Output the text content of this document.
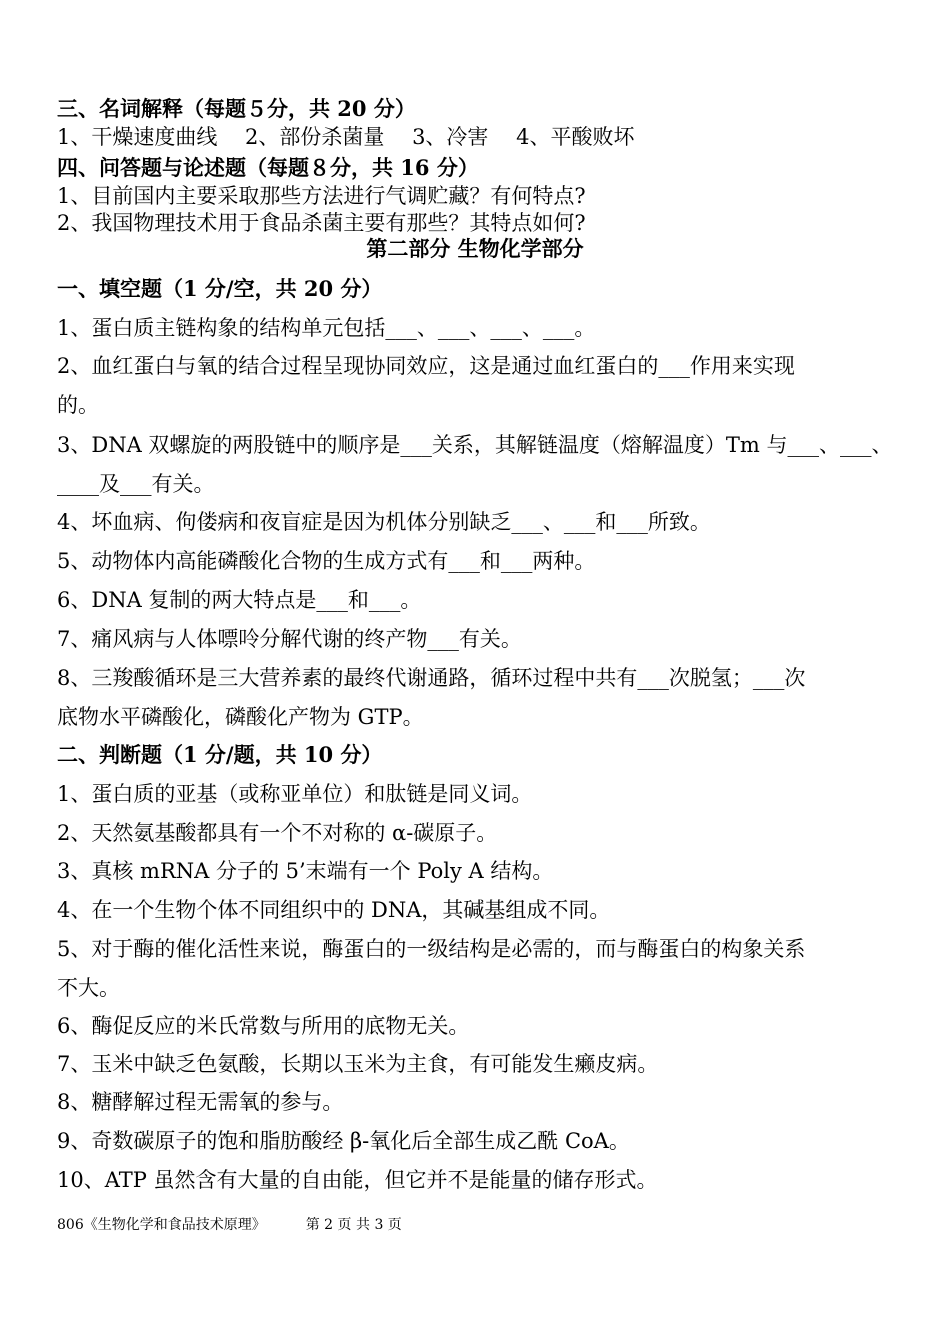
三、名词解释（每题５分，共 20 分）
1、干燥速度曲线　 2、部份杀菌量　 3、冷害　 4、平酸败坏
四、问答题与论述题（每题８分，共 16 分）
1、目前国内主要采取那些方法进行气调贮藏？有何特点?
2、我国物理技术用于食品杀菌主要有那些？其特点如何?
第二部分 生物化学部分
一、填空题（1 分/空，共 20 分）
1、蛋白质主链构象的结构单元包括___、___、___、___。
2、血红蛋白与氧的结合过程呈现协同效应，这是通过血红蛋白的___作用来实现
的。
3、DNA 双螺旋的两股链中的顺序是___关系，其解链温度（熔解温度）Tm 与___、___、
____及___有关。
4、坏血病、佝偻病和夜盲症是因为机体分别缺乏___、___和___所致。
5、动物体内高能磷酸化合物的生成方式有___和___两种。
6、DNA 复制的两大特点是___和___。
7、痛风病与人体嘌呤分解代谢的终产物___有关。
8、三羧酸循环是三大营养素的最终代谢通路，循环过程中共有___次脱氢；___次
底物水平磷酸化，磷酸化产物为 GTP。
二、判断题（1 分/题，共 10 分）
1、蛋白质的亚基（或称亚单位）和肽链是同义词。
2、天然氨基酸都具有一个不对称的 α-碳原子。
3、真核 mRNA 分子的 5’末端有一个 Poly A 结构。
4、在一个生物个体不同组织中的 DNA，其碱基组成不同。
5、对于酶的催化活性来说，酶蛋白的一级结构是必需的，而与酶蛋白的构象关系
不大。
6、酶促反应的米氏常数与所用的底物无关。
7、玉米中缺乏色氨酸，长期以玉米为主食，有可能发生癞皮病。
8、糖酵解过程无需氧的参与。
9、奇数碳原子的饱和脂肪酸经 β-氧化后全部生成乙酰 CoA。
10、ATP 虽然含有大量的自由能，但它并不是能量的储存形式。
806《生物化学和食品技术原理》	第 2 页 共 3 页
